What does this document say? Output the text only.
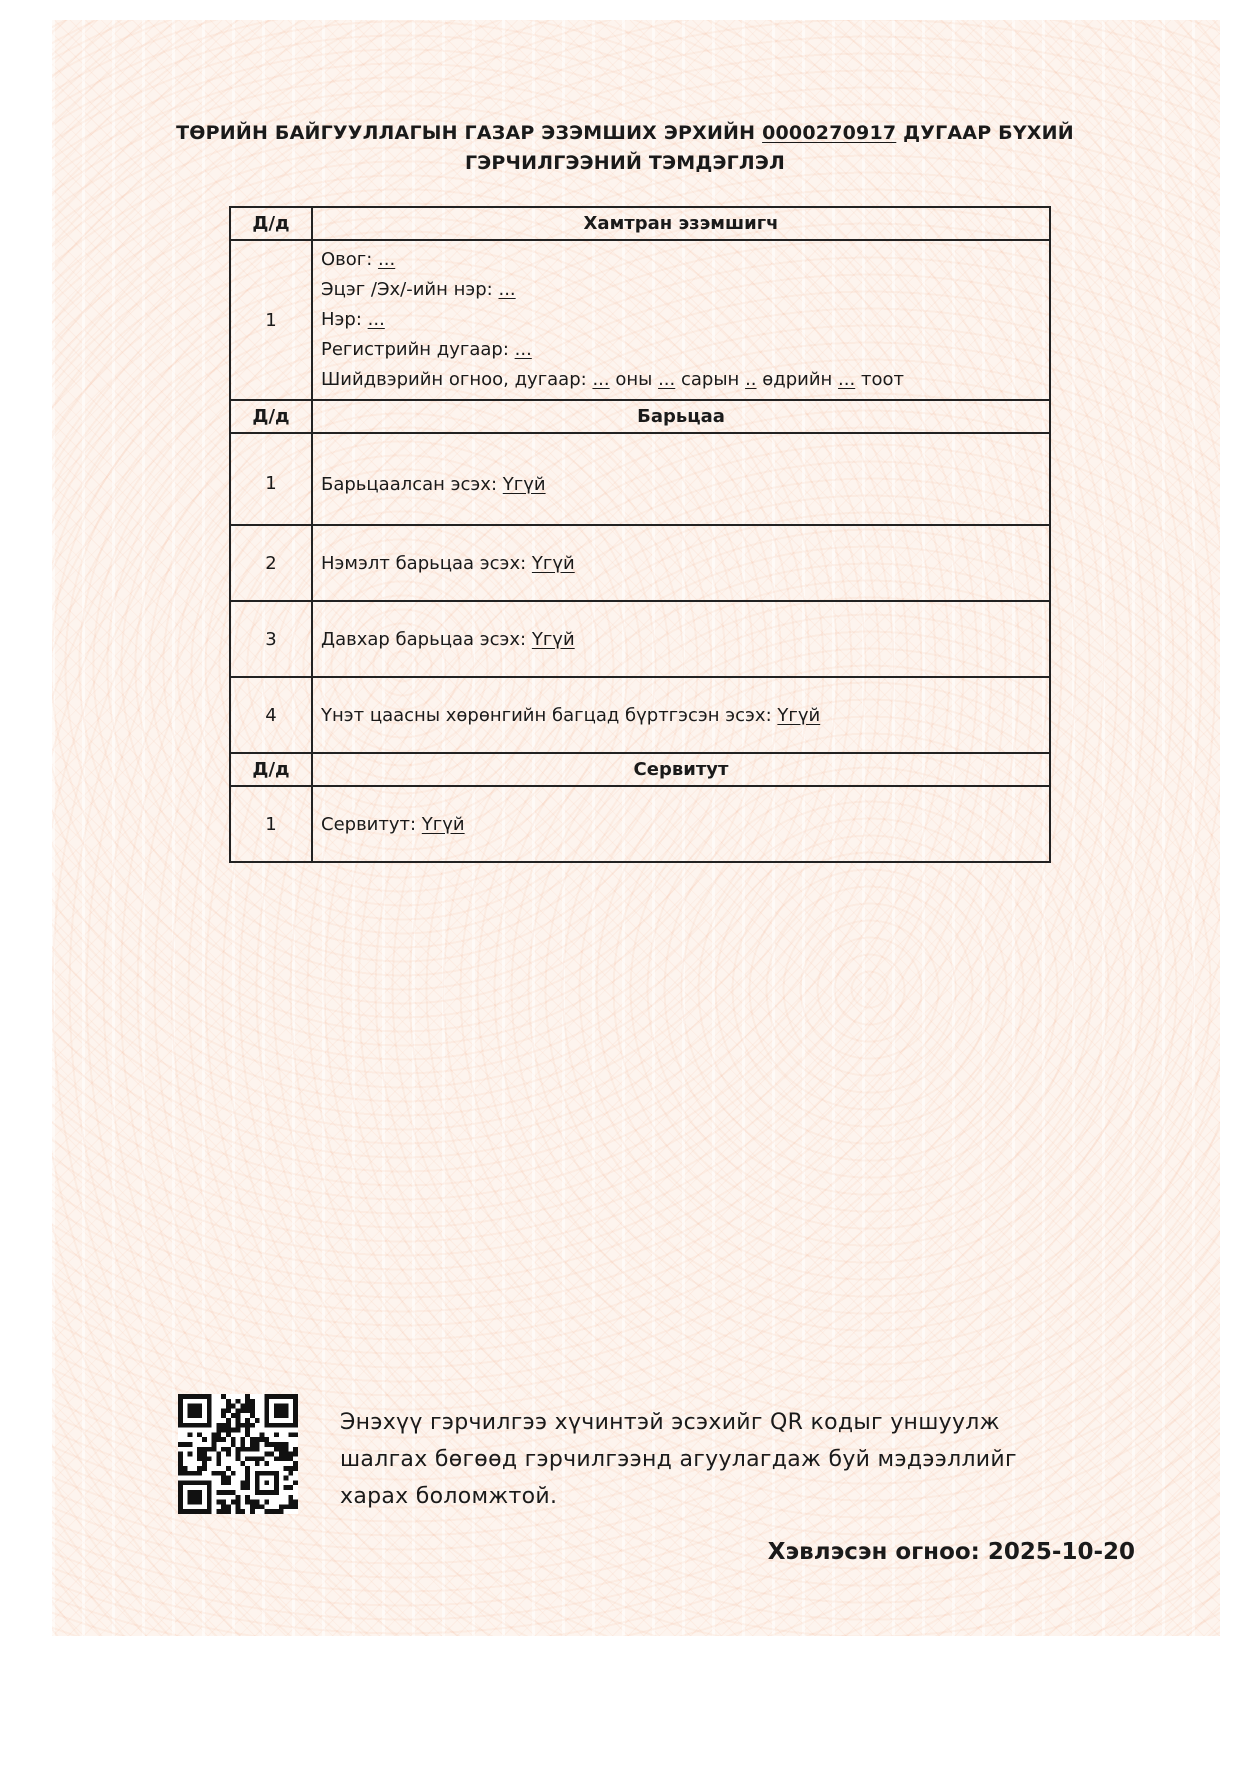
ТӨРИЙН БАЙГУУЛЛАГЫН ГАЗАР ЭЗЭМШИХ ЭРХИЙН 0000270917 ДУГААР БҮХИЙ
ГЭРЧИЛГЭЭНИЙ ТЭМДЭГЛЭЛ
Д/д	Хамтран эзэмшигч
1	Овог: ...
Эцэг /Эх/-ийн нэр: ...
Нэр: ...
Регистрийн дугаар: ...
Шийдвэрийн огноо, дугаар: ... оны ... сарын .. өдрийн ... тоот

Д/д	Барьцаа
1	Барьцаалсан эсэх: Үгүй
2	Нэмэлт барьцаа эсэх: Үгүй
3	Давхар барьцаа эсэх: Үгүй
4	Үнэт цаасны хөрөнгийн багцад бүртгэсэн эсэх: Үгүй
Д/д	Сервитут
1	Сервитут: Үгүй
Энэхүү гэрчилгээ хүчинтэй эсэхийг QR кодыг уншуулж
шалгах бөгөөд гэрчилгээнд агуулагдаж буй мэдээллийг
харах боломжтой.
Хэвлэсэн огноо: 2025-10-20
